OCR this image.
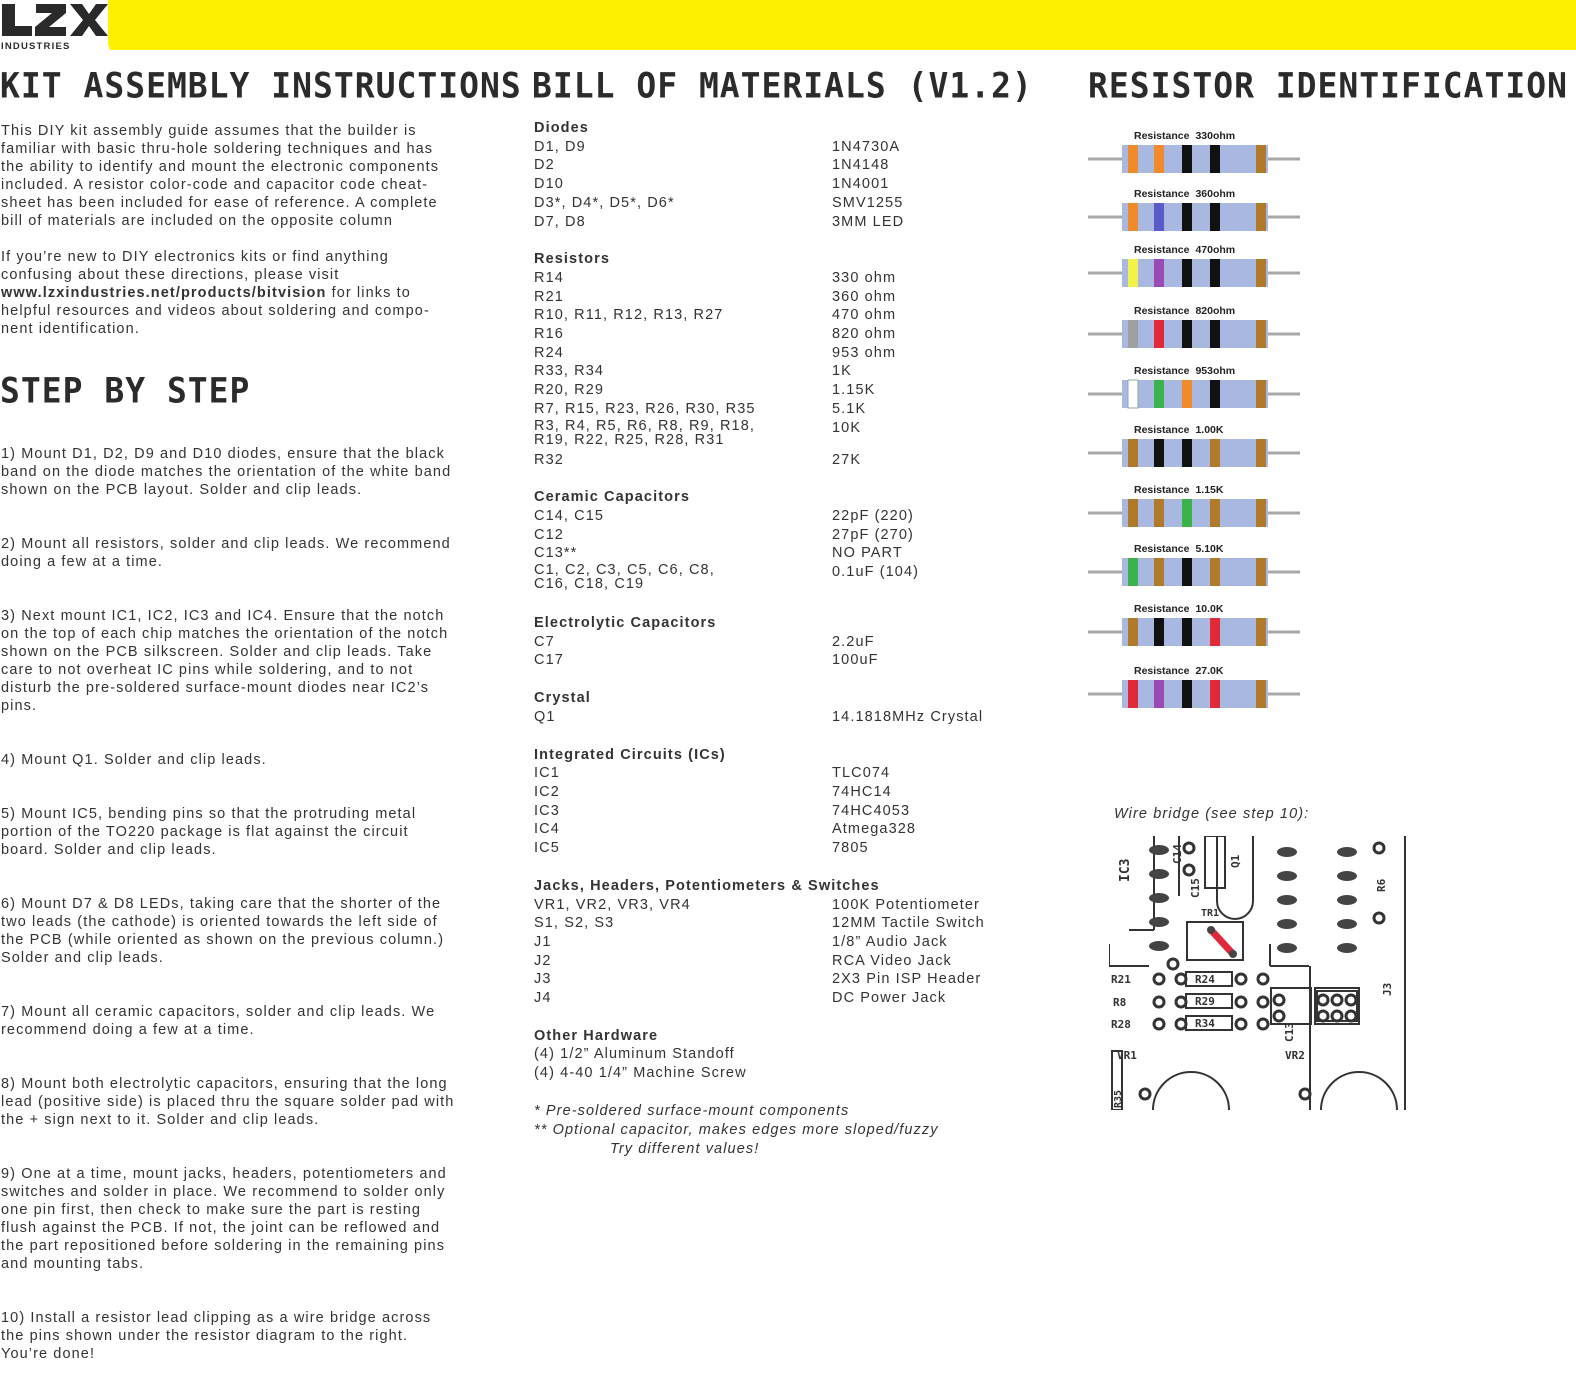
INDUSTRIES
KIT ASSEMBLY INSTRUCTIONS
STEP BY STEP
BILL OF MATERIALS (V1.2) RESISTOR IDENTIFICATION
This DIY kit assembly guide assumes that the builder is
familiar with basic thru-hole soldering techniques and has
the ability to identify and mount the electronic components
included. A resistor color-code and capacitor code cheat-
sheet has been included for ease of reference. A complete
bill of materials are included on the opposite column
If you’re new to DIY electronics kits or find anything
confusing about these directions, please visit
www.lzxindustries.net/products/bitvision for links to
helpful resources and videos about soldering and compo-
nent identification.

1) Mount D1, D2, D9 and D10 diodes, ensure that the black
band on the diode matches the orientation of the white band
shown on the PCB layout. Solder and clip leads.

2) Mount all resistors, solder and clip leads. We recommend
doing a few at a time.

3) Next mount IC1, IC2, IC3 and IC4. Ensure that the notch
on the top of each chip matches the orientation of the notch
shown on the PCB silkscreen. Solder and clip leads. Take
care to not overheat IC pins while soldering, and to not
disturb the pre-soldered surface-mount diodes near IC2’s
pins.

4) Mount Q1. Solder and clip leads.

5) Mount IC5, bending pins so that the protruding metal
portion of the TO220 package is flat against the circuit
board. Solder and clip leads.

6) Mount D7 & D8 LEDs, taking care that the shorter of the
two leads (the cathode) is oriented towards the left side of
the PCB (while oriented as shown on the previous column.)
Solder and clip leads.

7) Mount all ceramic capacitors, solder and clip leads. We
recommend doing a few at a time.

8) Mount both electrolytic capacitors, ensuring that the long
lead (positive side) is placed thru the square solder pad with
the + sign next to it. Solder and clip leads.

9) One at a time, mount jacks, headers, potentiometers and
switches and solder in place. We recommend to solder only
one pin first, then check to make sure the part is resting
flush against the PCB. If not, the joint can be reflowed and
the part repositioned before soldering in the remaining pins
and mounting tabs.

10) Install a resistor lead clipping as a wire bridge across
the pins shown under the resistor diagram to the right.
You’re done!

Diodes
D1, D9	1N4730A
D2	1N4148
D10	1N4001
D3*, D4*, D5*, D6*	SMV1255
D7, D8	3MM LED
Resistors
R14	330 ohm
R21	360 ohm
R10, R11, R12, R13, R27	470 ohm
R16	820 ohm
R24	953 ohm
R33, R34	1K
R20, R29	1.15K
R7, R15, R23, R26, R30, R35	5.1K
R3, R4, R5, R6, R8, R9, R18,
R19, R22, R25, R28, R31
10K
R32	27K
Ceramic Capacitors
C14, C15	22pF (220)
C12	27pF (270)
C13**	NO PART
C1, C2, C3, C5, C6, C8,
C16, C18, C19
0.1uF (104)
Electrolytic Capacitors
C7	2.2uF
C17	100uF
Crystal
Q1	14.1818MHz Crystal
Integrated Circuits (ICs)
IC1	TLC074
IC2	74HC14
IC3	74HC4053
IC4	Atmega328
IC5	7805
Jacks, Headers, Potentiometers & Switches
VR1, VR2, VR3, VR4	100K Potentiometer
S1, S2, S3	12MM Tactile Switch
J1	1/8” Audio Jack
J2	RCA Video Jack
J3	2X3 Pin ISP Header
J4	DC Power Jack
Other Hardware
(4) 1/2” Aluminum Standoff
(4) 4-40 1/4” Machine Screw
* Pre-soldered surface-mount components
** Optional capacitor, makes edges more sloped/fuzzy
Try different values!
Resistance 330ohm
Resistance 360ohm
Resistance 470ohm
Resistance 820ohm
Resistance 953ohm
Resistance 1.00K
Resistance 1.15K
Resistance 5.10K
Resistance 10.0K
Resistance 27.0K
Wire bridge (see step 10):
IC3
C14
C15
Q1
R6
TR1
R21	R24
R8	R29
R28	R34	C13
J3
VR1	VR2
R35
